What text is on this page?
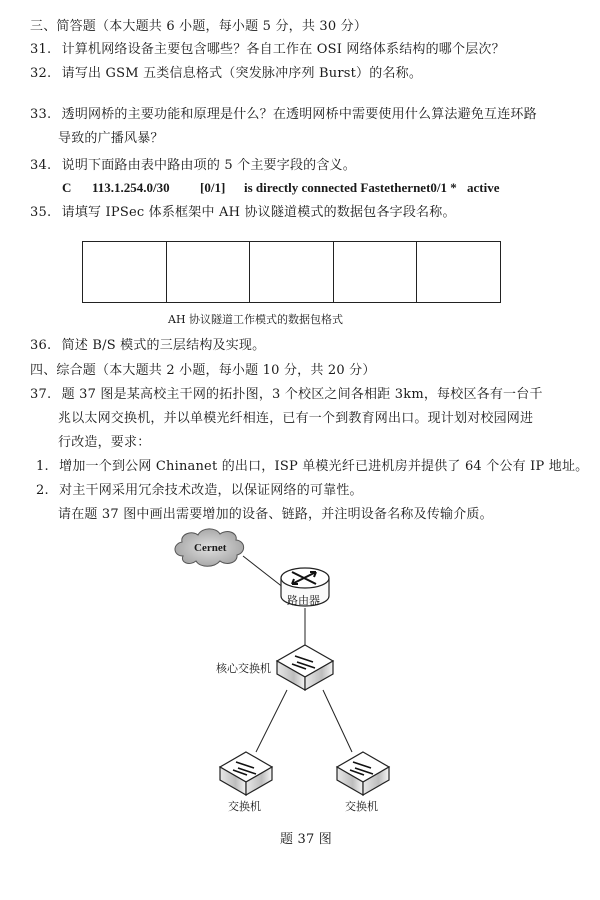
三、简答题（本大题共 6 小题，每小题 5 分，共 30 分）
31. 计算机网络设备主要包含哪些？各自工作在 OSI 网络体系结构的哪个层次？
32. 请写出 GSM 五类信息格式（突发脉冲序列 Burst）的名称。
33. 透明网桥的主要功能和原理是什么？在透明网桥中需要使用什么算法避免互连环路
导致的广播风暴？
34. 说明下面路由表中路由项的 5 个主要字段的含义。
C 113.1.254.0/30 [0/1] is directly connected Fastethernet0/1 * active
35. 请填写 IPSec 体系框架中 AH 协议隧道模式的数据包各字段名称。
AH 协议隧道工作模式的数据包格式
36. 简述 B/S 模式的三层结构及实现。
四、综合题（本大题共 2 小题，每小题 10 分，共 20 分）
37. 题 37 图是某高校主干网的拓扑图，3 个校区之间各相距 3km，每校区各有一台千
兆以太网交换机，并以单模光纤相连，已有一个到教育网出口。现计划对校园网进
行改造，要求：
1. 增加一个到公网 Chinanet 的出口，ISP 单模光纤已进机房并提供了 64 个公有 IP 地址。
2. 对主干网采用冗余技术改造，以保证网络的可靠性。
请在题 37 图中画出需要增加的设备、链路，并注明设备名称及传输介质。
Cernet
路由器
核心交换机
交换机	交换机
题 37 图
